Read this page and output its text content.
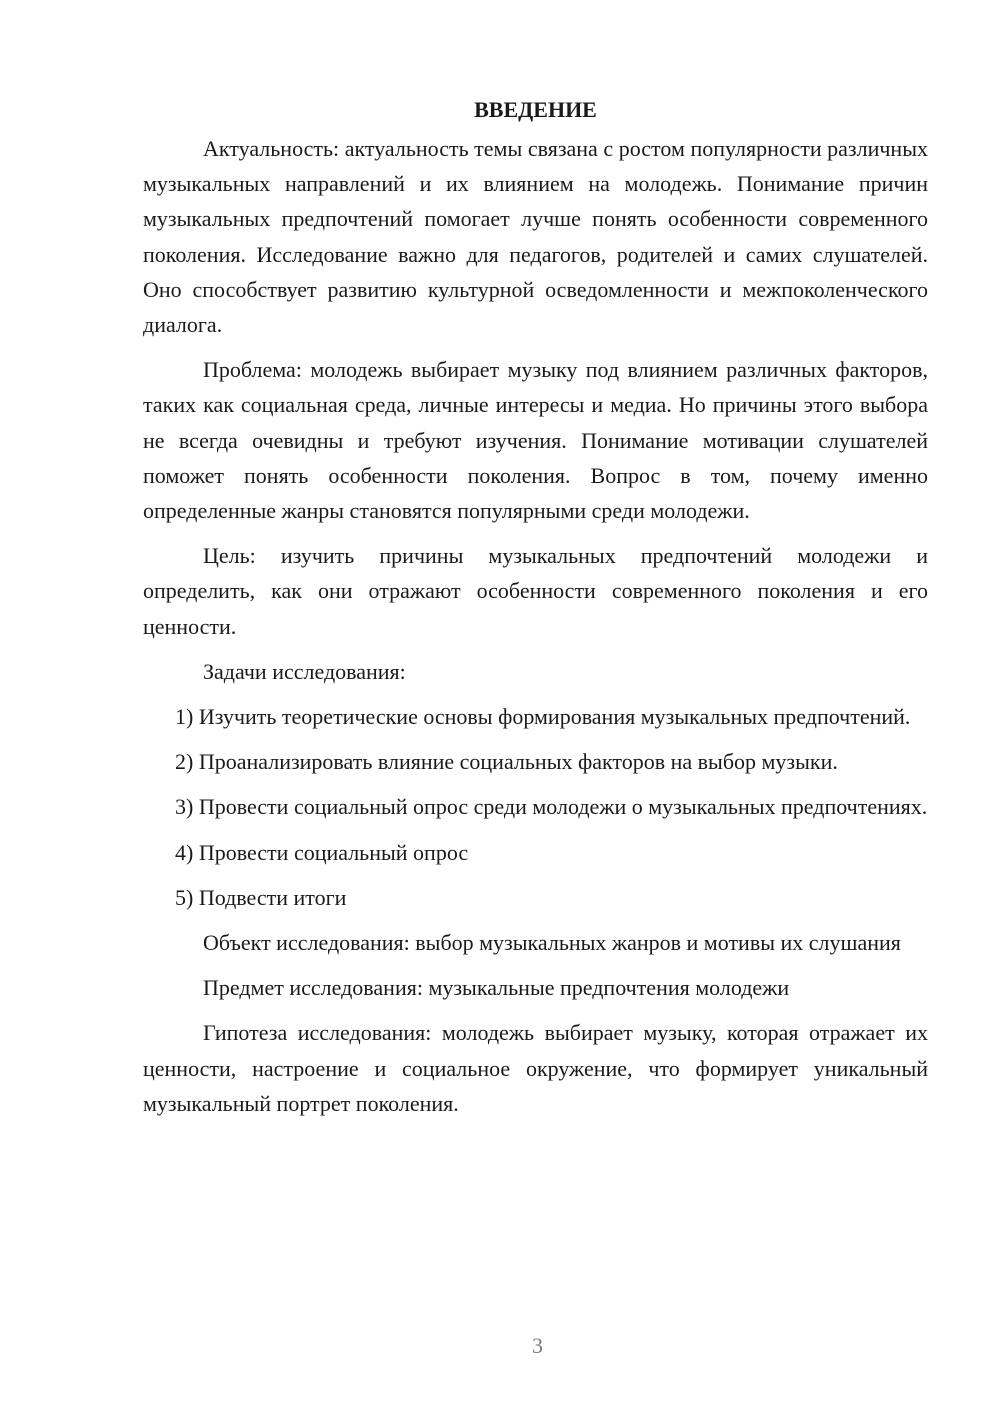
ВВЕДЕНИЕ

Актуальность: актуальность темы связана с ростом популярности различных музыкальных направлений и их влиянием на молодежь. Понимание причин музыкальных предпочтений помогает лучше понять особенности современного поколения. Исследование важно для педагогов, родителей и самих слушателей. Оно способствует развитию культурной осведомленности и межпоколенческого диалога.

Проблема: молодежь выбирает музыку под влиянием различных факторов, таких как социальная среда, личные интересы и медиа. Но причины этого выбора не всегда очевидны и требуют изучения. Понимание мотивации слушателей поможет понять особенности поколения. Вопрос в том, почему именно определенные жанры становятся популярными среди молодежи.

Цель: изучить причины музыкальных предпочтений молодежи и определить, как они отражают особенности современного поколения и его ценности.

Задачи исследования:

1) Изучить теоретические основы формирования музыкальных предпочтений.

2) Проанализировать влияние социальных факторов на выбор музыки.

3) Провести социальный опрос среди молодежи о музыкальных предпочтениях.

4) Провести социальный опрос

5) Подвести итоги

Объект исследования: выбор музыкальных жанров и мотивы их слушания

Предмет исследования: музыкальные предпочтения молодежи

Гипотеза исследования: молодежь выбирает музыку, которая отражает их ценности, настроение и социальное окружение, что формирует уникальный музыкальный портрет поколения.

3
